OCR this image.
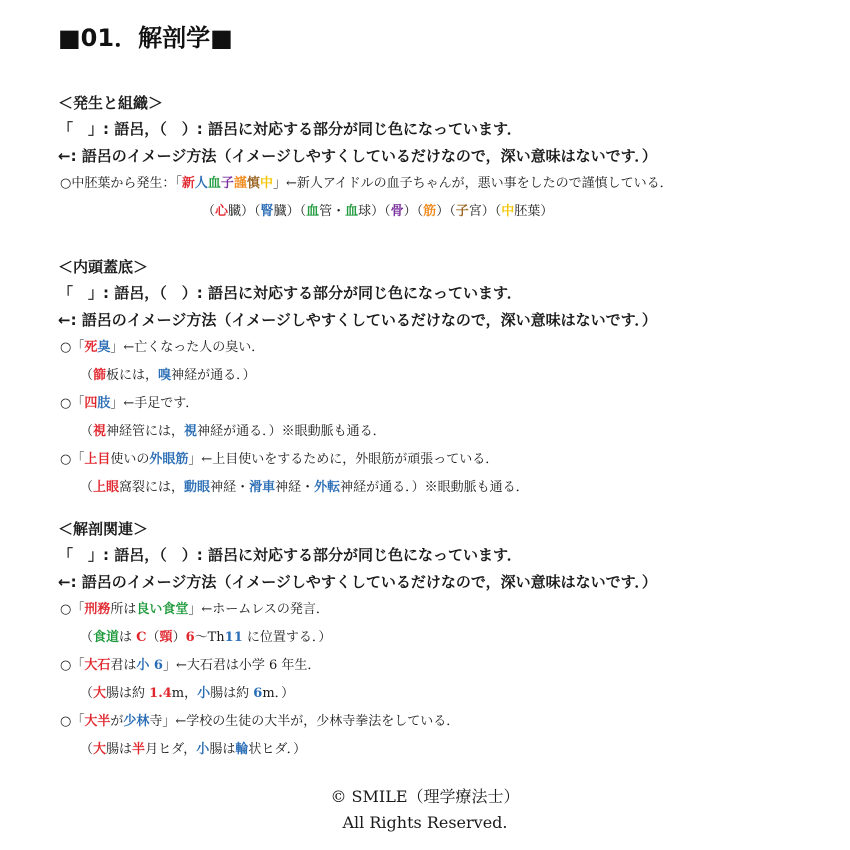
■01．解剖学■
＜発生と組織＞
「　」: 語呂，（　）: 語呂に対応する部分が同じ色になっています．
←: 語呂のイメージ方法（イメージしやすくしているだけなので，深い意味はないです．）
○中胚葉から発生：「新人血子謹慎中」←新人アイドルの血子ちゃんが，悪い事をしたので謹慎している．
（心臓）（腎臓）（血管・血球）（骨）（筋）（子宮）（中胚葉）
＜内頭蓋底＞
「　」: 語呂，（　）: 語呂に対応する部分が同じ色になっています．
←: 語呂のイメージ方法（イメージしやすくしているだけなので，深い意味はないです．）
○「死臭」←亡くなった人の臭い．
（篩板には，嗅神経が通る．）
○「四肢」←手足です．
（視神経管には，視神経が通る．）※眼動脈も通る．
○「上目使いの外眼筋」←上目使いをするために，外眼筋が頑張っている．
（上眼窩裂には，動眼神経・滑車神経・外転神経が通る．）※眼動脈も通る．
＜解剖関連＞
「　」: 語呂，（　）: 語呂に対応する部分が同じ色になっています．
←: 語呂のイメージ方法（イメージしやすくしているだけなので，深い意味はないです．）
○「刑務所は良い食堂」←ホームレスの発言．
（食道は C（頸）6～Th11 に位置する．）
○「大石君は小 6」←大石君は小学 6 年生．
（大腸は約 1.4m，小腸は約 6m．）
○「大半が少林寺」←学校の生徒の大半が，少林寺拳法をしている．
（大腸は半月ヒダ，小腸は輪状ヒダ．）
© SMILE（理学療法士）
All Rights Reserved.
